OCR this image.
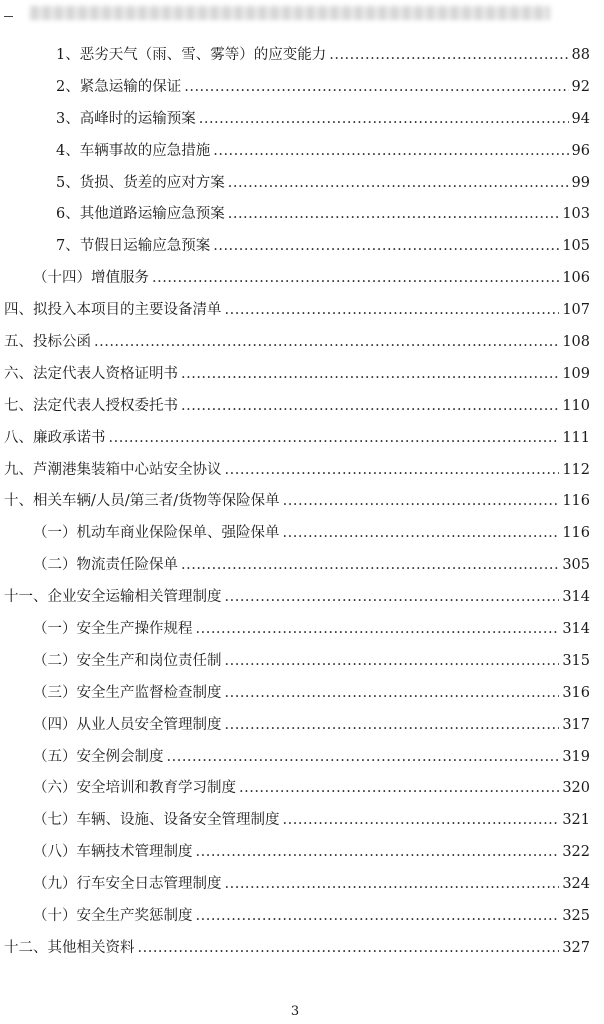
1、恶劣天气（雨、雪、雾等）的应变能力 .....	88
2、紧急运输的保证 .....	92
3、高峰时的运输预案 .....	94
4、车辆事故的应急措施 .....	96
5、货损、货差的应对方案 .....	99
6、其他道路运输应急预案 .....	103
7、节假日运输应急预案 .....	105
（十四）增值服务 .....	106
四、拟投入本项目的主要设备清单 .....	107
五、投标公函 .....	108
六、法定代表人资格证明书 .....	109
七、法定代表人授权委托书 .....	110
八、廉政承诺书 .....	111
九、芦潮港集装箱中心站安全协议 .....	112
十、相关车辆/人员/第三者/货物等保险保单 .....	116
（一）机动车商业保险保单、强险保单 .....	116
（二）物流责任险保单 .....	305
十一、企业安全运输相关管理制度 .....	314
（一）安全生产操作规程 .....	314
（二）安全生产和岗位责任制 .....	315
（三）安全生产监督检查制度 .....	316
（四）从业人员安全管理制度 .....	317
（五）安全例会制度 .....	319
（六）安全培训和教育学习制度 .....	320
（七）车辆、设施、设备安全管理制度 .....	321
（八）车辆技术管理制度 .....	322
（九）行车安全日志管理制度 .....	324
（十）安全生产奖惩制度 .....	325
十二、其他相关资料 .....	327
3
